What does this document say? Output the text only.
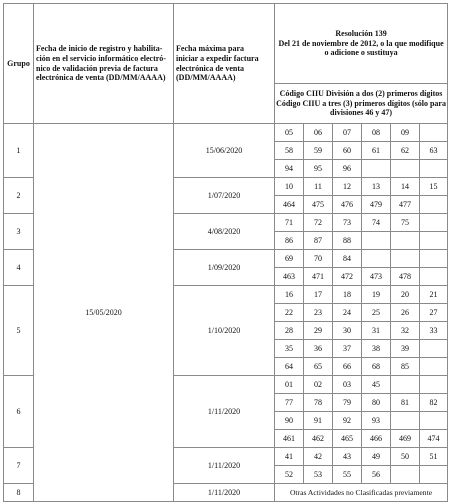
Grupo	Fecha de inicio de registro y habilita-
ción en el servicio informático electró-
nico de validación previa de factura
electrónica de venta (DD/MM/AAAA)	Fecha máxima para
iniciar a expedir factura
electrónica de venta
(DD/MM/AAAA)	Resolución 139
Del 21 de noviembre de 2012, o la que modifique
o adicione o sustituya					

			Código CIIU División a dos (2) primeros dígitos
Código CIIU a tres (3) primeros dígitos (sólo para
divisiones 46 y 47)					

1	15/05/2020	15/06/2020	05	06	07	08	09	
			58	59	60	61	62	63
			94	95	96			
2		1/07/2020	10	11	12	13	14	15
			464	475	476	479	477	
3		4/08/2020	71	72	73	74	75	
			86	87	88			
4		1/09/2020	69	70	84			
			463	471	472	473	478	
5		1/10/2020	16	17	18	19	20	21
			22	23	24	25	26	27
			28	29	30	31	32	33
			35	36	37	38	39	
			64	65	66	68	85	
6		1/11/2020	01	02	03	45		
			77	78	79	80	81	82
			90	91	92	93		
			461	462	465	466	469	474
7		1/11/2020	41	42	43	49	50	51
			52	53	55	56		
8		1/11/2020	Otras Actividades no Clasificadas previamente					
